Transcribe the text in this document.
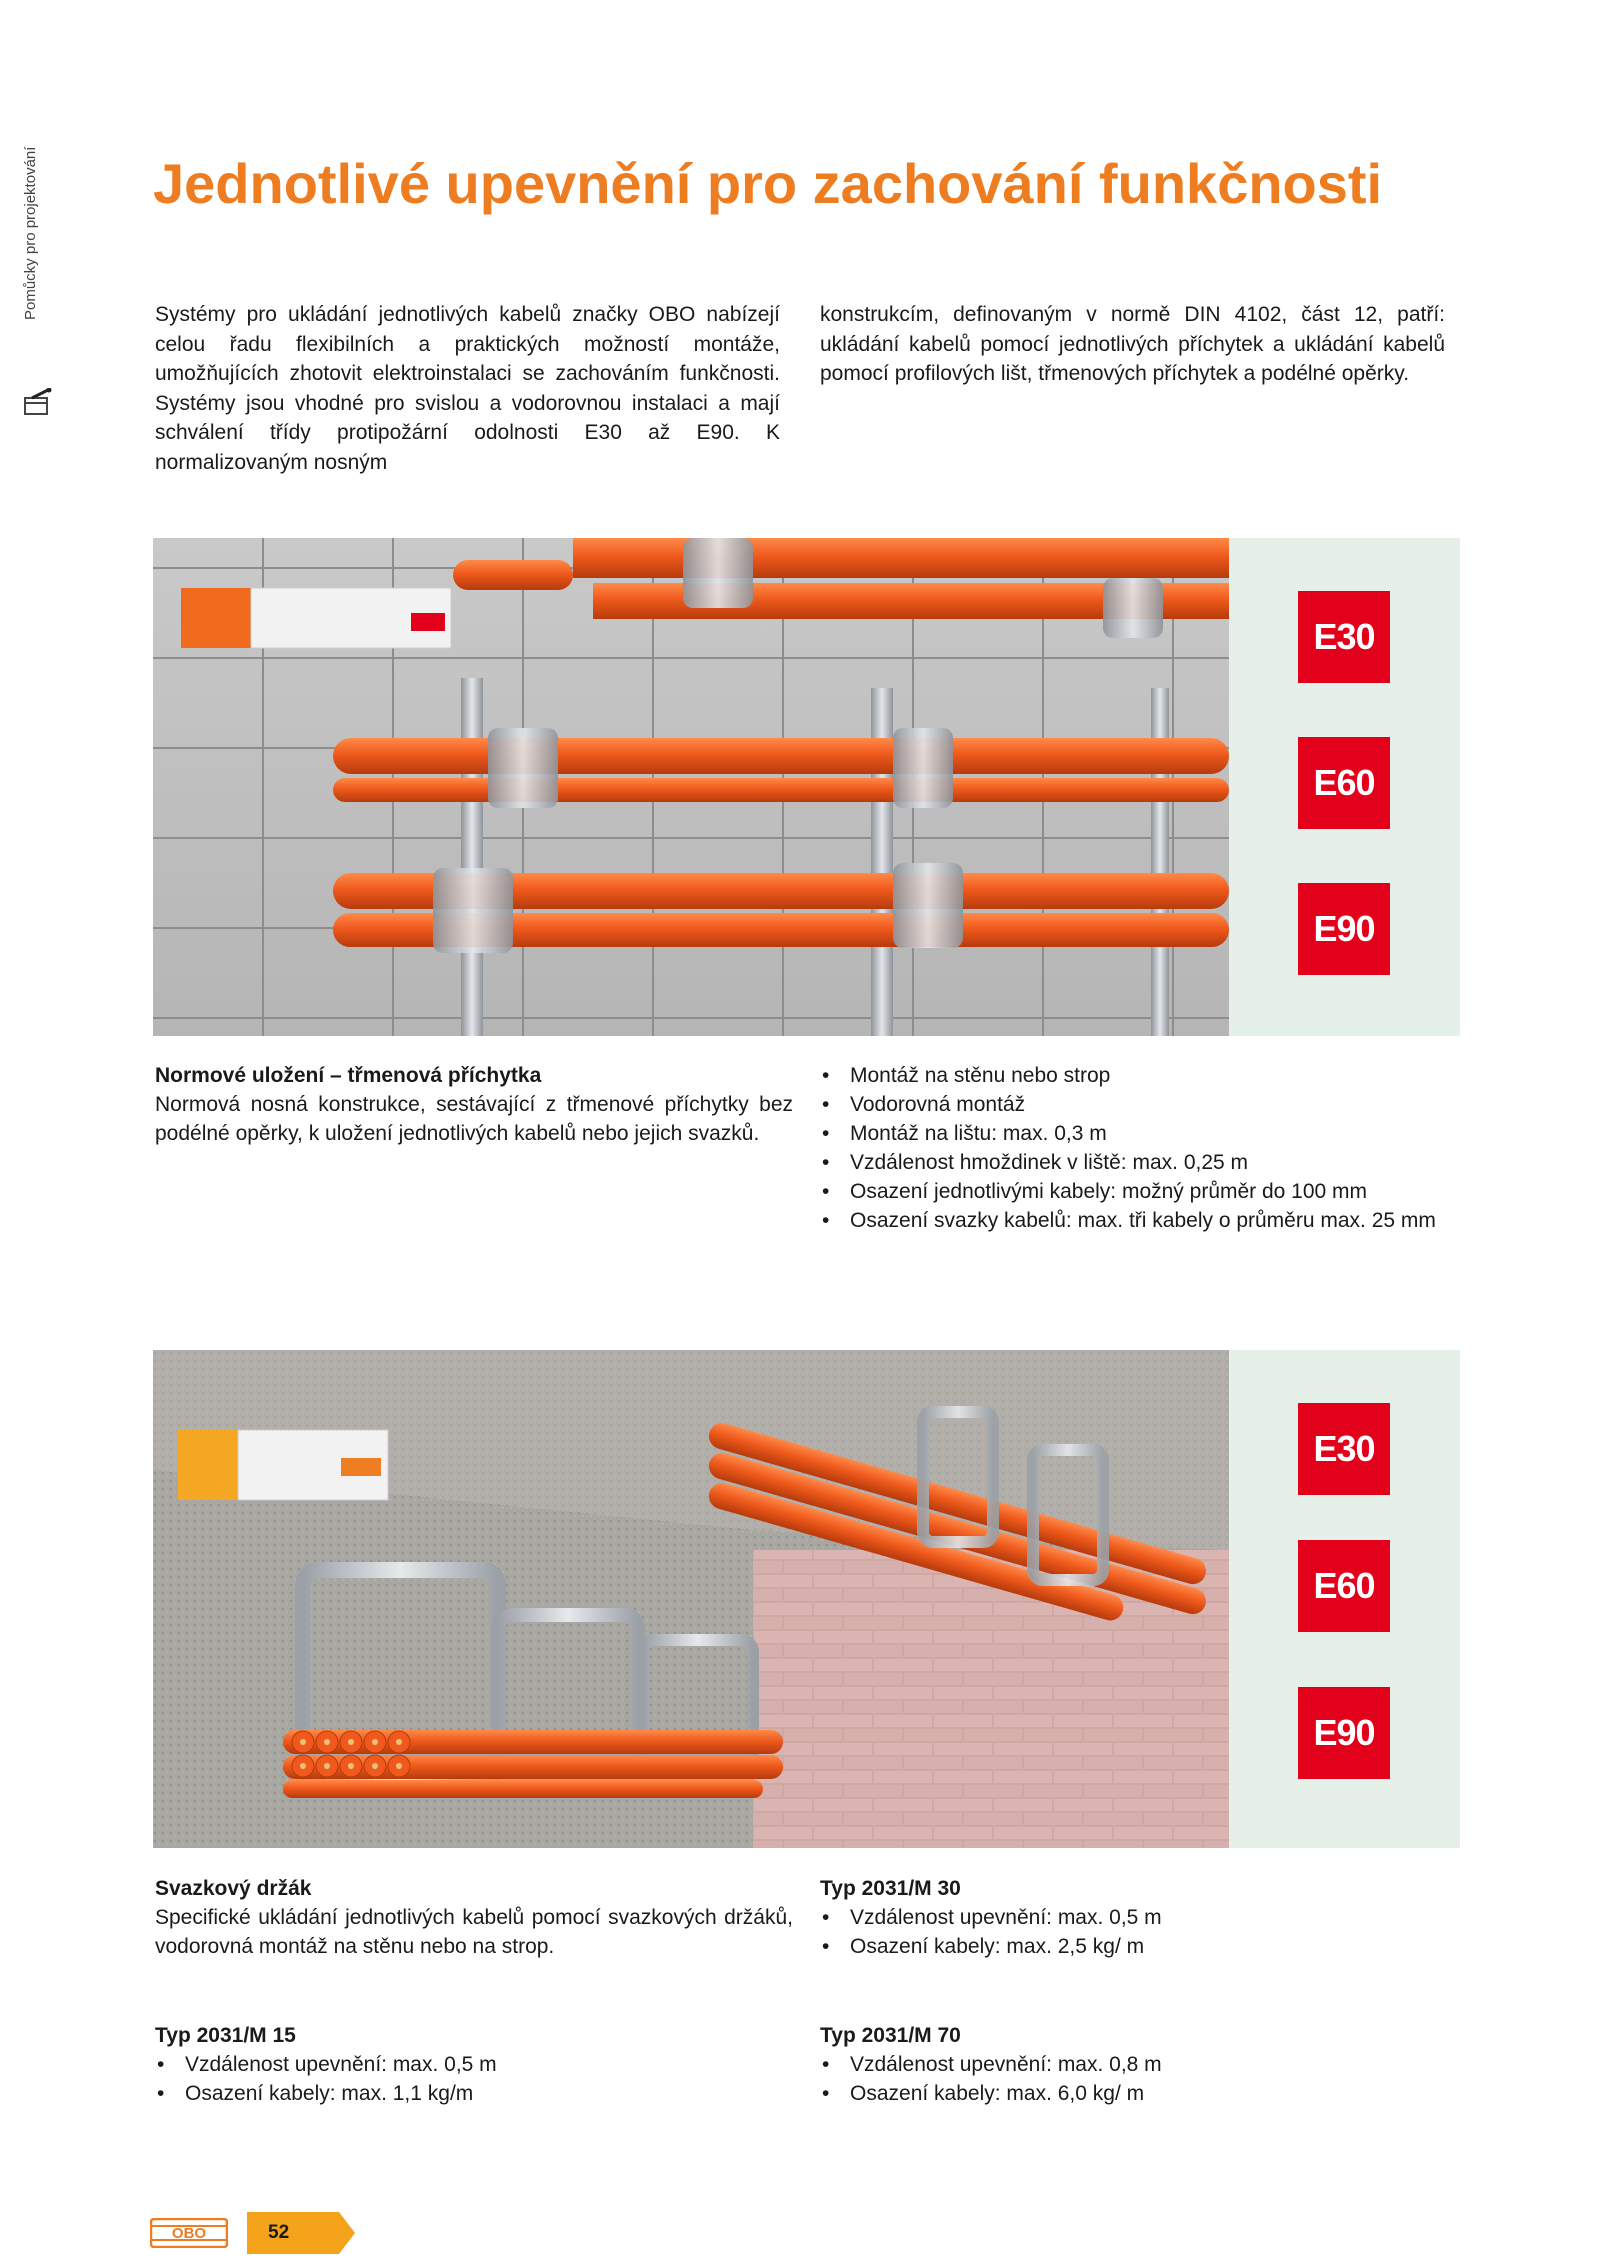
Pomůcky pro projektování Jednotlivé upevnění pro zachování funkčnosti

Systémy pro ukládání jednotlivých kabelů značky OBO nabízejí celou řadu flexibilních a praktických možností montáže, umožňujících zhotovit elektroinstalaci se zachováním funkčnosti. Systémy jsou vhodné pro svislou a vodorovnou instalaci a mají schválení třídy protipožární odolnosti E30 až E90. K normalizovaným nosným

konstrukcím, definovaným v normě DIN 4102, část 12, patří: ukládání kabelů pomocí jednotlivých příchytek a ukládání kabelů pomocí profilových lišt, třmenových příchytek a podélné opěrky.

E30
E60
E90
Normové uložení – třmenová příchytka

Normová nosná konstrukce, sestávající z třmenové příchytky bez podélné opěrky, k uložení jednotlivých kabelů nebo jejich svazků.

• Montáž na stěnu nebo strop
• Vodorovná montáž
• Montáž na lištu: max. 0,3 m
• Vzdálenost hmoždinek v liště: max. 0,25 m
• Osazení jednotlivými kabely: možný průměr do 100 mm
• Osazení svazky kabelů: max. tři kabely o průměru max. 25 mm
E30
E60
E90
Svazkový držák

Specifické ukládání jednotlivých kabelů pomocí svazkových držáků, vodorovná montáž na stěnu nebo na strop.

Typ 2031/M 15
• Vzdálenost upevnění: max. 0,5 m
• Osazení kabely: max. 1,1 kg/m
Typ 2031/M 30
• Vzdálenost upevnění: max. 0,5 m
• Osazení kabely: max. 2,5 kg/ m
Typ 2031/M 70
• Vzdálenost upevnění: max. 0,8 m
• Osazení kabely: max. 6,0 kg/ m
OBO	52
